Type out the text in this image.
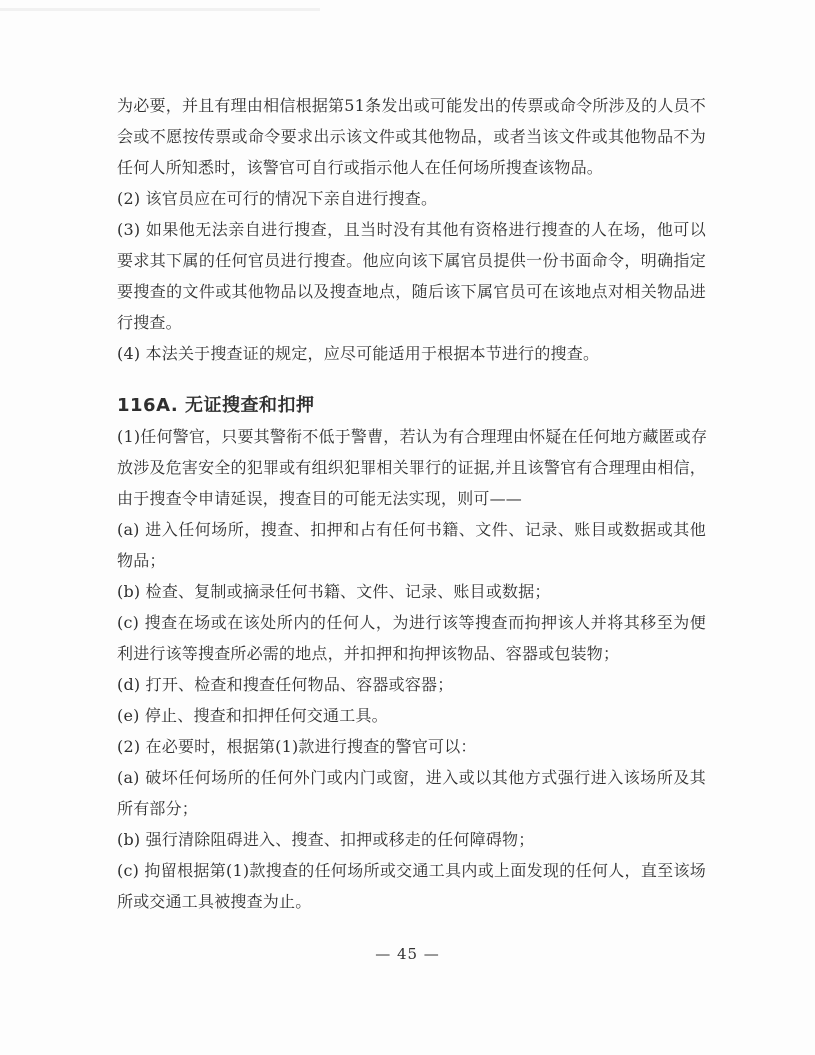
为必要，并且有理由相信根据第51条发出或可能发出的传票或命令所涉及的人员不
会或不愿按传票或命令要求出示该文件或其他物品，或者当该文件或其他物品不为
任何人所知悉时，该警官可自行或指示他人在任何场所搜查该物品。
(2) 该官员应在可行的情况下亲自进行搜查。
(3) 如果他无法亲自进行搜查，且当时没有其他有资格进行搜查的人在场，他可以
要求其下属的任何官员进行搜查。他应向该下属官员提供一份书面命令，明确指定
要搜查的文件或其他物品以及搜查地点，随后该下属官员可在该地点对相关物品进
行搜查。
(4) 本法关于搜查证的规定，应尽可能适用于根据本节进行的搜查。
116A. 无证搜查和扣押
(1)任何警官，只要其警衔不低于警曹，若认为有合理理由怀疑在任何地方藏匿或存
放涉及危害安全的犯罪或有组织犯罪相关罪行的证据,并且该警官有合理理由相信，
由于搜查令申请延误，搜查目的可能无法实现，则可——
(a) 进入任何场所，搜查、扣押和占有任何书籍、文件、记录、账目或数据或其他
物品；
(b) 检查、复制或摘录任何书籍、文件、记录、账目或数据；
(c) 搜查在场或在该处所内的任何人，为进行该等搜查而拘押该人并将其移至为便
利进行该等搜查所必需的地点，并扣押和拘押该物品、容器或包装物；
(d) 打开、检查和搜查任何物品、容器或容器；
(e) 停止、搜查和扣押任何交通工具。
(2) 在必要时，根据第(1)款进行搜查的警官可以：
(a) 破坏任何场所的任何外门或内门或窗，进入或以其他方式强行进入该场所及其
所有部分；
(b) 强行清除阻碍进入、搜查、扣押或移走的任何障碍物；
(c) 拘留根据第(1)款搜查的任何场所或交通工具内或上面发现的任何人，直至该场
所或交通工具被搜查为止。
— 45 —
